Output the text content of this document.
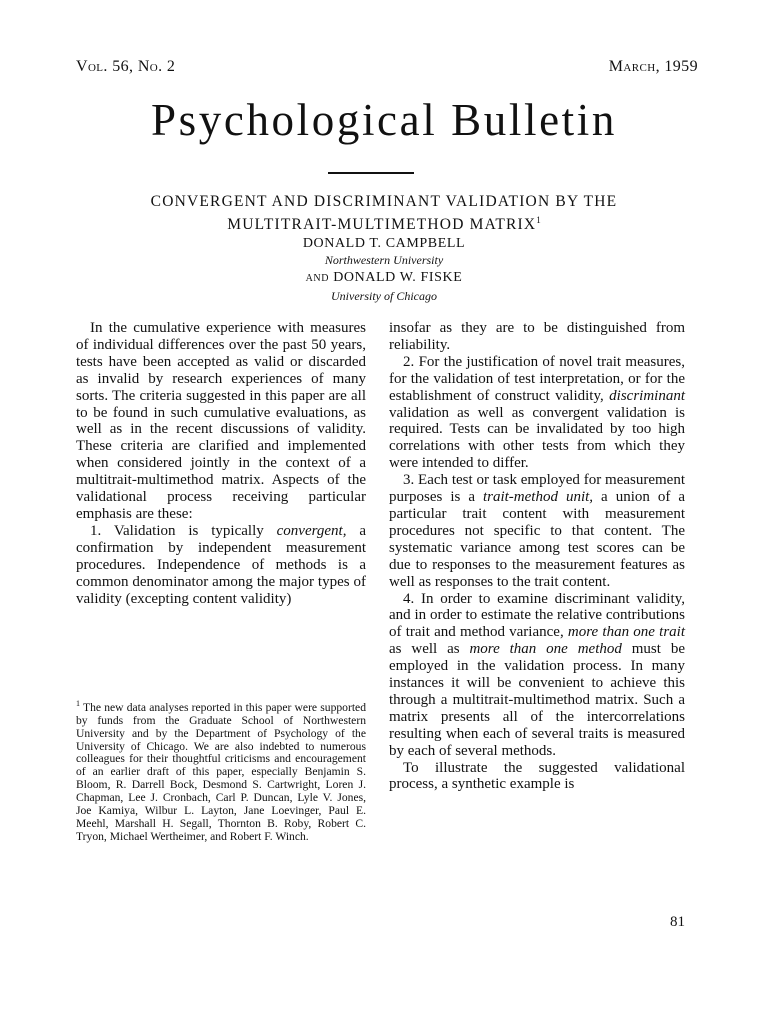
Vol. 56, No. 2	March, 1959
Psychological Bulletin
CONVERGENT AND DISCRIMINANT VALIDATION BY THE
MULTITRAIT-MULTIMETHOD MATRIX$^1$
DONALD T. CAMPBELL
Northwestern University
and DONALD W. FISKE
University of Chicago

In the cumulative experience with measures of individual differences over the past 50 years, tests have been accepted as valid or discarded as invalid by research experiences of many sorts. The criteria suggested in this paper are all to be found in such cumulative evaluations, as well as in the recent discussions of validity. These criteria are clarified and implemented when considered jointly in the context of a multitrait-multimethod matrix. Aspects of the validational process receiving particular emphasis are these:

1. Validation is typically convergent, a confirmation by independent measurement procedures. Independence of methods is a common denominator among the major types of validity (excepting content validity)

insofar as they are to be distinguished from reliability.

2. For the justification of novel trait measures, for the validation of test interpretation, or for the establishment of construct validity, discriminant validation as well as convergent validation is required. Tests can be invalidated by too high correlations with other tests from which they were intended to differ.

3. Each test or task employed for measurement purposes is a trait-method unit, a union of a particular trait content with measurement procedures not specific to that content. The systematic variance among test scores can be due to responses to the measurement features as well as responses to the trait content.

4. In order to examine discriminant validity, and in order to estimate the relative contributions of trait and method variance, more than one trait as well as more than one method must be employed in the validation process. In many instances it will be convenient to achieve this through a multitrait-multimethod matrix. Such a matrix presents all of the intercorrelations resulting when each of several traits is measured by each of several methods.

To illustrate the suggested validational process, a synthetic example is

$^1$ The new data analyses reported in this paper were supported by funds from the Graduate School of Northwestern University and by the Department of Psychology of the University of Chicago. We are also indebted to numerous colleagues for their thoughtful criticisms and encouragement of an earlier draft of this paper, especially Benjamin S. Bloom, R. Darrell Bock, Desmond S. Cartwright, Loren J. Chapman, Lee J. Cronbach, Carl P. Duncan, Lyle V. Jones, Joe Kamiya, Wilbur L. Layton, Jane Loevinger, Paul E. Meehl, Marshall H. Segall, Thornton B. Roby, Robert C. Tryon, Michael Wertheimer, and Robert F. Winch.
81
